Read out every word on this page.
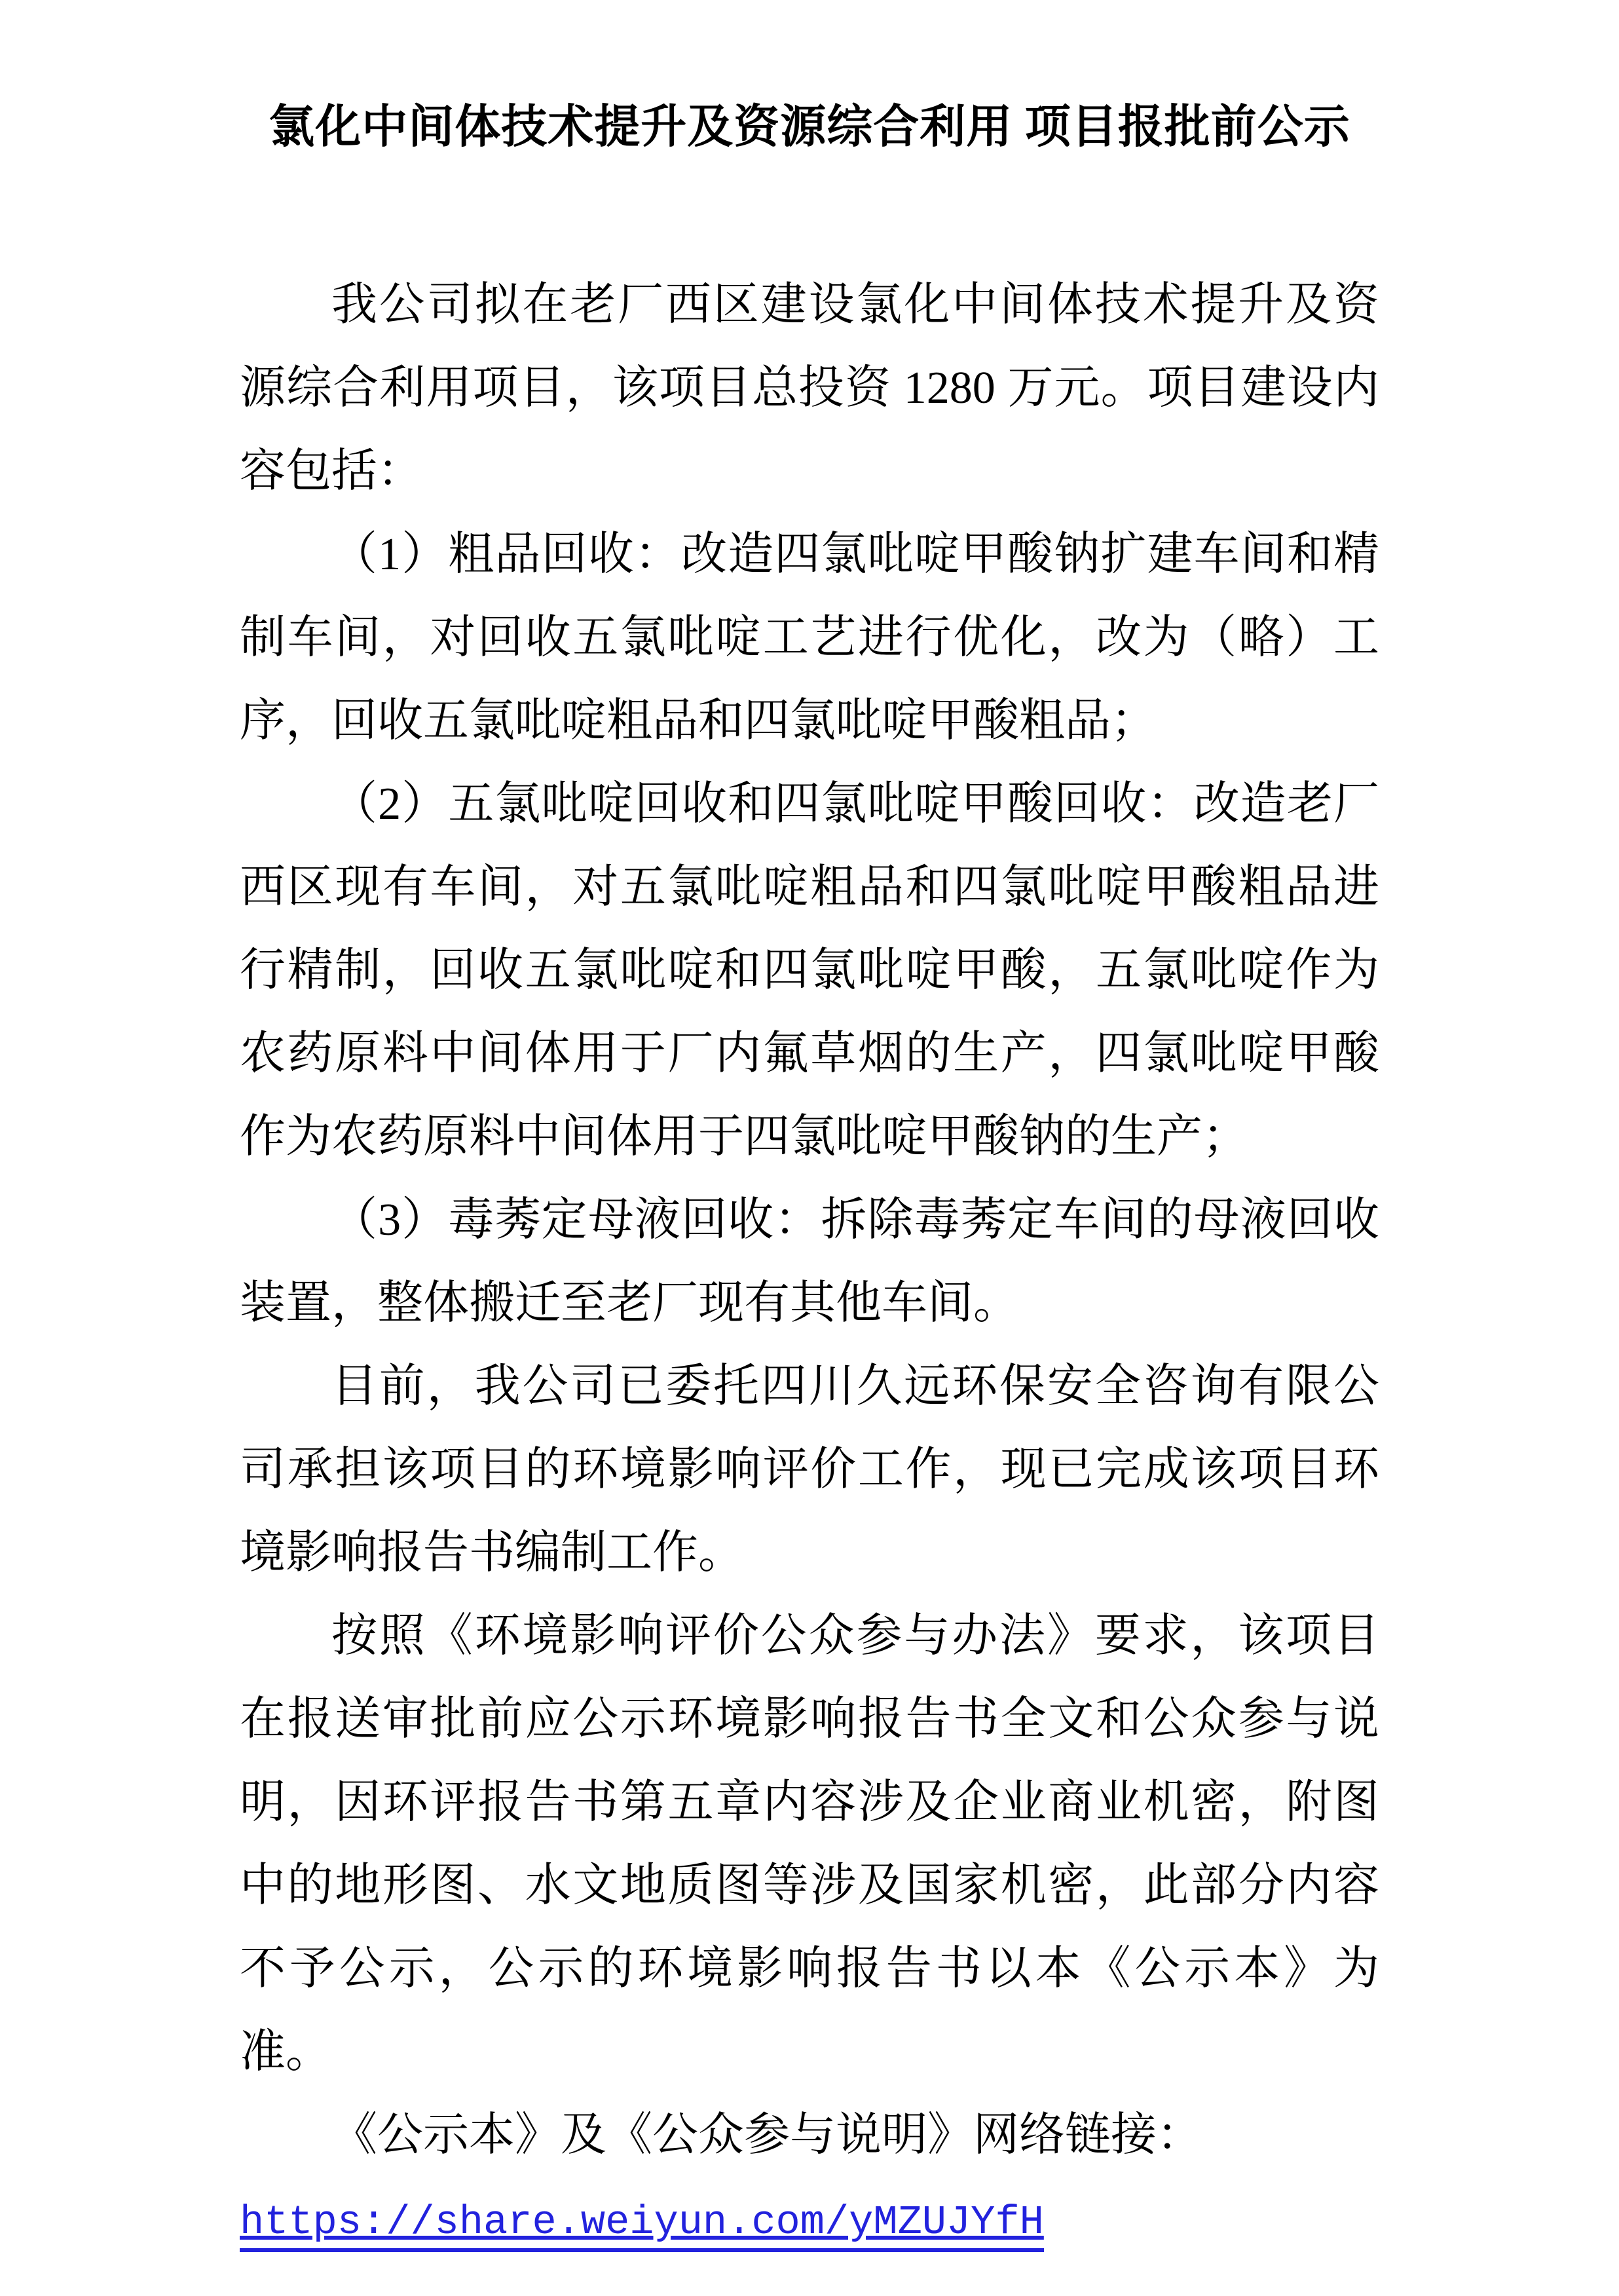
氯化中间体技术提升及资源综合利用 项目报批前公示

我公司拟在老厂西区建设氯化中间体技术提升及资源综合利用项目，该项目总投资 1280 万元。项目建设内容包括：

（1）粗品回收：改造四氯吡啶甲酸钠扩建车间和精制车间，对回收五氯吡啶工艺进行优化，改为（略）工序，回收五氯吡啶粗品和四氯吡啶甲酸粗品；

（2）五氯吡啶回收和四氯吡啶甲酸回收：改造老厂西区现有车间，对五氯吡啶粗品和四氯吡啶甲酸粗品进行精制，回收五氯吡啶和四氯吡啶甲酸，五氯吡啶作为农药原料中间体用于厂内氟草烟的生产，四氯吡啶甲酸作为农药原料中间体用于四氯吡啶甲酸钠的生产；

（3）毒莠定母液回收：拆除毒莠定车间的母液回收装置，整体搬迁至老厂现有其他车间。

目前，我公司已委托四川久远环保安全咨询有限公司承担该项目的环境影响评价工作，现已完成该项目环境影响报告书编制工作。

按照《环境影响评价公众参与办法》要求，该项目在报送审批前应公示环境影响报告书全文和公众参与说明，因环评报告书第五章内容涉及企业商业机密，附图中的地形图、水文地质图等涉及国家机密，此部分内容不予公示，公示的环境影响报告书以本《公示本》为准。

《公示本》及《公众参与说明》网络链接：

https://share.weiyun.com/yMZUJYfH
